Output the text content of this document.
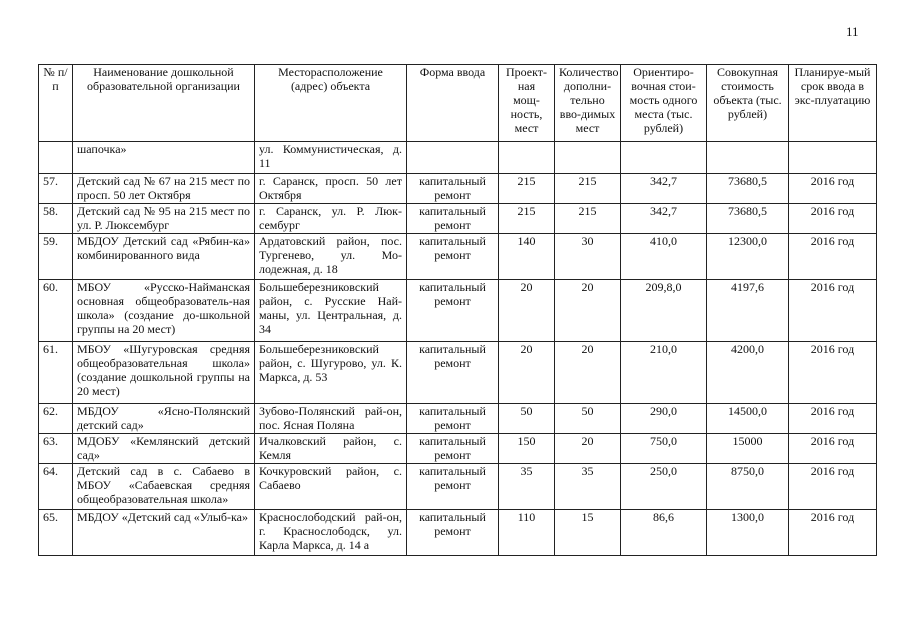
11
№ п/п	Наименование дошкольной образовательной организации	Месторасположение (адрес) объекта	Форма ввода	Проект-ная мощ-ность, мест	Количество дополни-тельно вво-димых мест	Ориентиро-вочная стои-мость одного места (тыс. рублей)	Совокупная стоимость объекта (тыс. рублей)	Планируе-мый срок ввода в экс-плуатацию
	шапочка»	ул. Коммунистическая, д. 11						
57.	Детский сад № 67 на 215 мест по просп. 50 лет Октября	г. Саранск, просп. 50 лет Октября	капитальный ремонт	215	215	342,7	73680,5	2016 год
58.	Детский сад № 95 на 215 мест по ул. Р. Люксембург	г. Саранск, ул. Р. Люк-сембург	капитальный ремонт	215	215	342,7	73680,5	2016 год
59.	МБДОУ Детский сад «Рябин-ка» комбинированного вида	Ардатовский район, пос. Тургенево, ул. Мо-лодежная, д. 18	капитальный ремонт	140	30	410,0	12300,0	2016 год
60.	МБОУ «Русско-Найманская основная общеобразователь-ная школа» (создание до-школьной группы на 20 мест)	Большеберезниковский район, с. Русские Най-маны, ул. Центральная, д. 34	капитальный ремонт	20	20	209,8,0	4197,6	2016 год
61.	МБОУ «Шугуровская средняя общеобразовательная школа» (создание дошкольной группы на 20 мест)	Большеберезниковский район, с. Шугурово, ул. К. Маркса, д. 53	капитальный ремонт	20	20	210,0	4200,0	2016 год
62.	МБДОУ «Ясно-Полянский детский сад»	Зубово-Полянский рай-он, пос. Ясная Поляна	капитальный ремонт	50	50	290,0	14500,0	2016 год
63.	МДОБУ «Кемлянский детский сад»	Ичалковский район, с. Кемля	капитальный ремонт	150	20	750,0	15000	2016 год
64.	Детский сад в с. Сабаево в МБОУ «Сабаевская средняя общеобразовательная школа»	Кочкуровский район, с. Сабаево	капитальный ремонт	35	35	250,0	8750,0	2016 год
65.	МБДОУ «Детский сад «Улыб-ка»	Краснослободский рай-он, г. Краснослободск, ул. Карла Маркса, д. 14 а	капитальный ремонт	110	15	86,6	1300,0	2016 год
